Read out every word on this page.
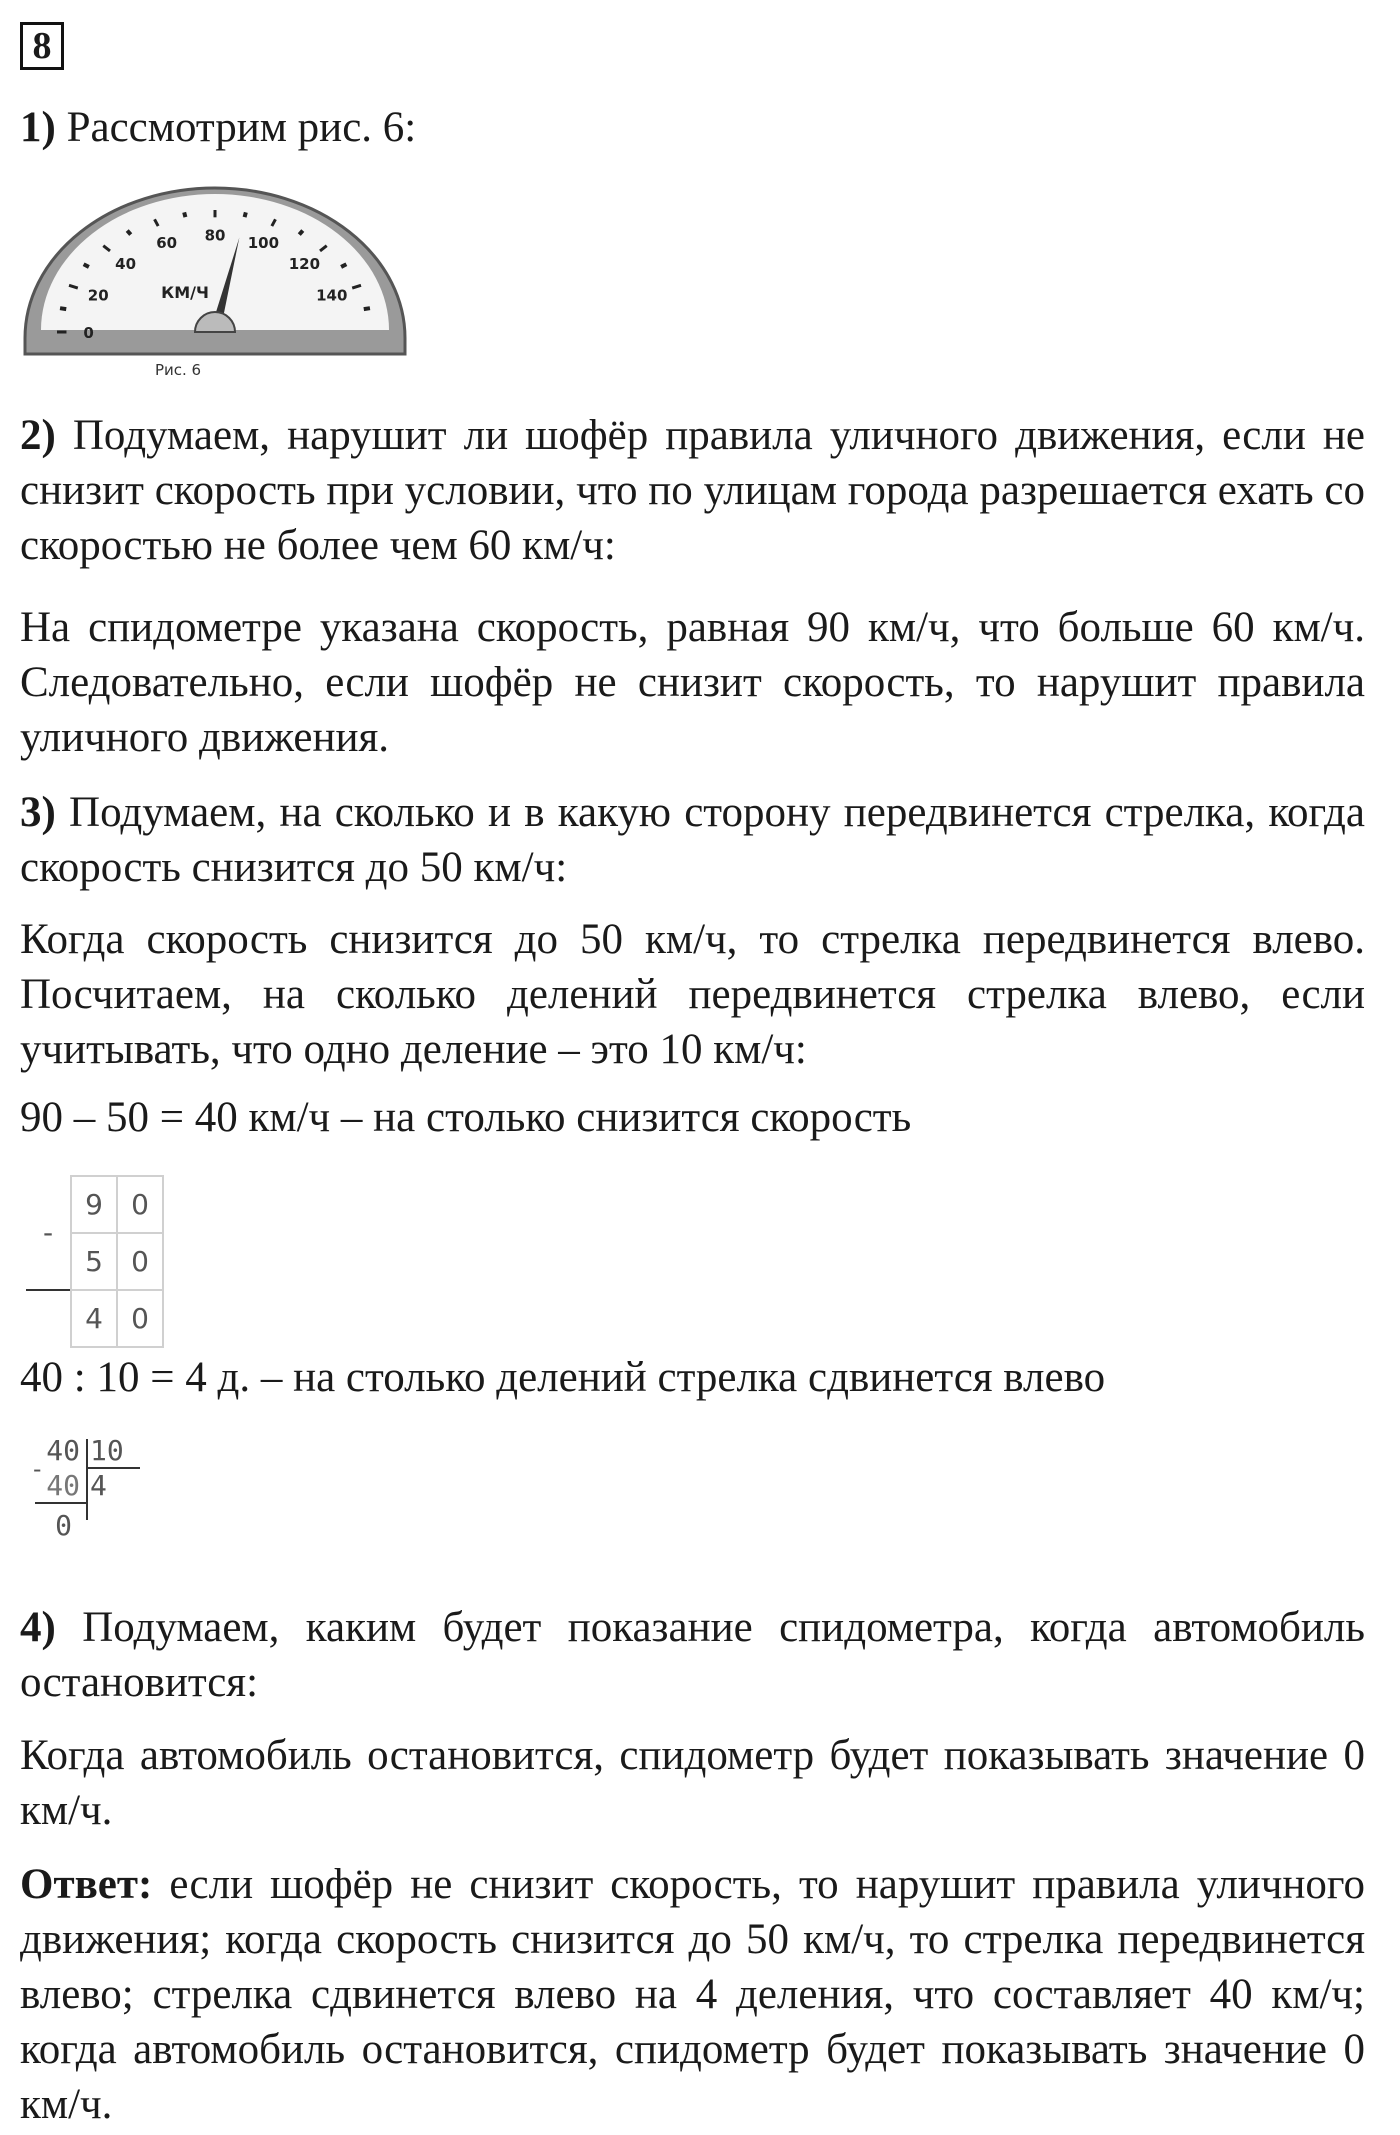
8

1) Рассмотрим рис. 6:

0
20
40
60 80 100
120
140
КМ/Ч
Рис. 6

2) Подумаем, нарушит ли шофёр правила уличного движения, если не снизит скорость при условии, что по улицам города разрешается ехать со скоростью не более чем 60 км/ч:

На спидометре указана скорость, равная 90 км/ч, что больше 60 км/ч. Следовательно, если шофёр не снизит скорость, то нарушит правила уличного движения.

3) Подумаем, на сколько и в какую сторону передвинется стрелка, когда скорость снизится до 50 км/ч:

Когда скорость снизится до 50 км/ч, то стрелка передвинется влево. Посчитаем, на сколько делений передвинется стрелка влево, если учитывать, что одно деление – это 10 км/ч:

90 – 50 = 40 км/ч – на столько снизится скорость

-	9	0
	5	0
	4	0

40 : 10 = 4 д. – на столько делений стрелка сдвинется влево

40 10
- 40 4
0

4) Подумаем, каким будет показание спидометра, когда автомобиль остановится:

Когда автомобиль остановится, спидометр будет показывать значение 0 км/ч.

Ответ: если шофёр не снизит скорость, то нарушит правила уличного движения; когда скорость снизится до 50 км/ч, то стрелка передвинется влево; стрелка сдвинется влево на 4 деления, что составляет 40 км/ч; когда автомобиль остановится, спидометр будет показывать значение 0 км/ч.
